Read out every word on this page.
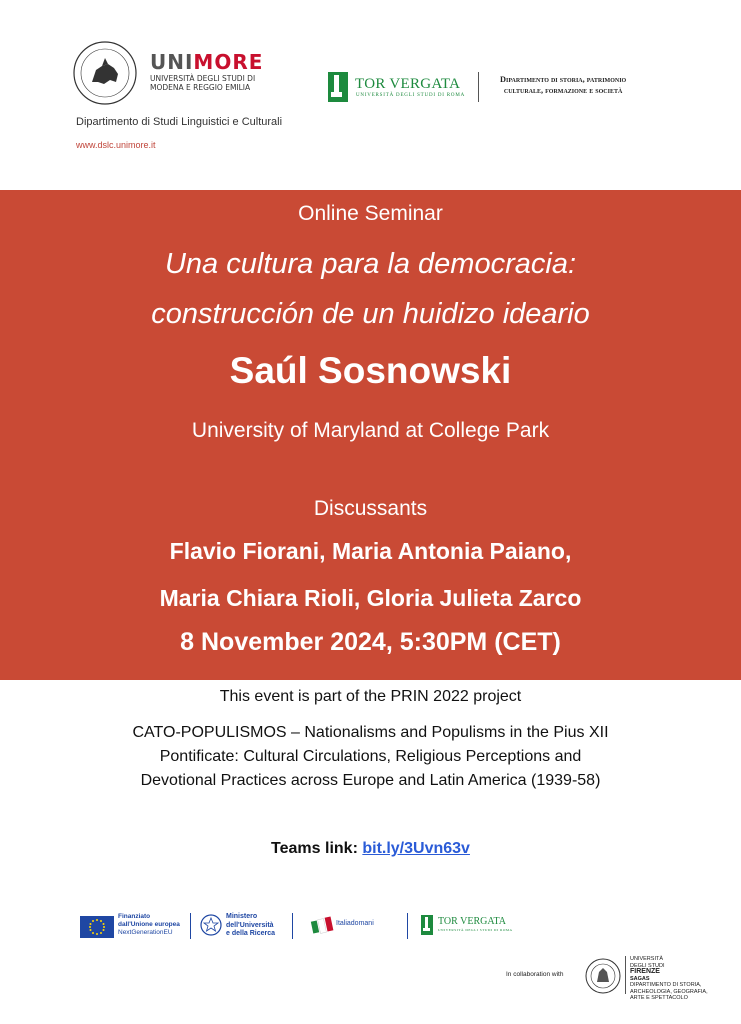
UNIMORE
UNIVERSITÀ DEGLI STUDI DI
MODENA E REGGIO EMILIA
Dipartimento di Studi Linguistici e Culturali
www.dslc.unimore.it
TOR VERGATA
UNIVERSITÀ DEGLI STUDI DI ROMA
Dipartimento di storia, patrimonio
culturale, formazione e società
Online Seminar
Una cultura para la democracia:
construcción de un huidizo ideario
Saúl Sosnowski
University of Maryland at College Park
Discussants
Flavio Fiorani, Maria Antonia Paiano,
Maria Chiara Rioli, Gloria Julieta Zarco
8 November 2024, 5:30PM (CET)
This event is part of the PRIN 2022 project
CATO-POPULISMOS – Nationalisms and Populisms in the Pius XII
Pontificate: Cultural Circulations, Religious Perceptions and
Devotional Practices across Europe and Latin America (1939-58)
Teams link: bit.ly/3Uvn63v
Finanziato
dall'Unione europea
NextGenerationEU
Ministero
dell'Università
e della Ricerca
Italiadomani	TOR VERGATA
UNIVERSITÀ DEGLI STUDI DI ROMA
In collaboration with
UNIVERSITÀ
DEGLI STUDI
FIRENZE
SAGAS
DIPARTIMENTO DI STORIA,
ARCHEOLOGIA, GEOGRAFIA,
ARTE E SPETTACOLO
